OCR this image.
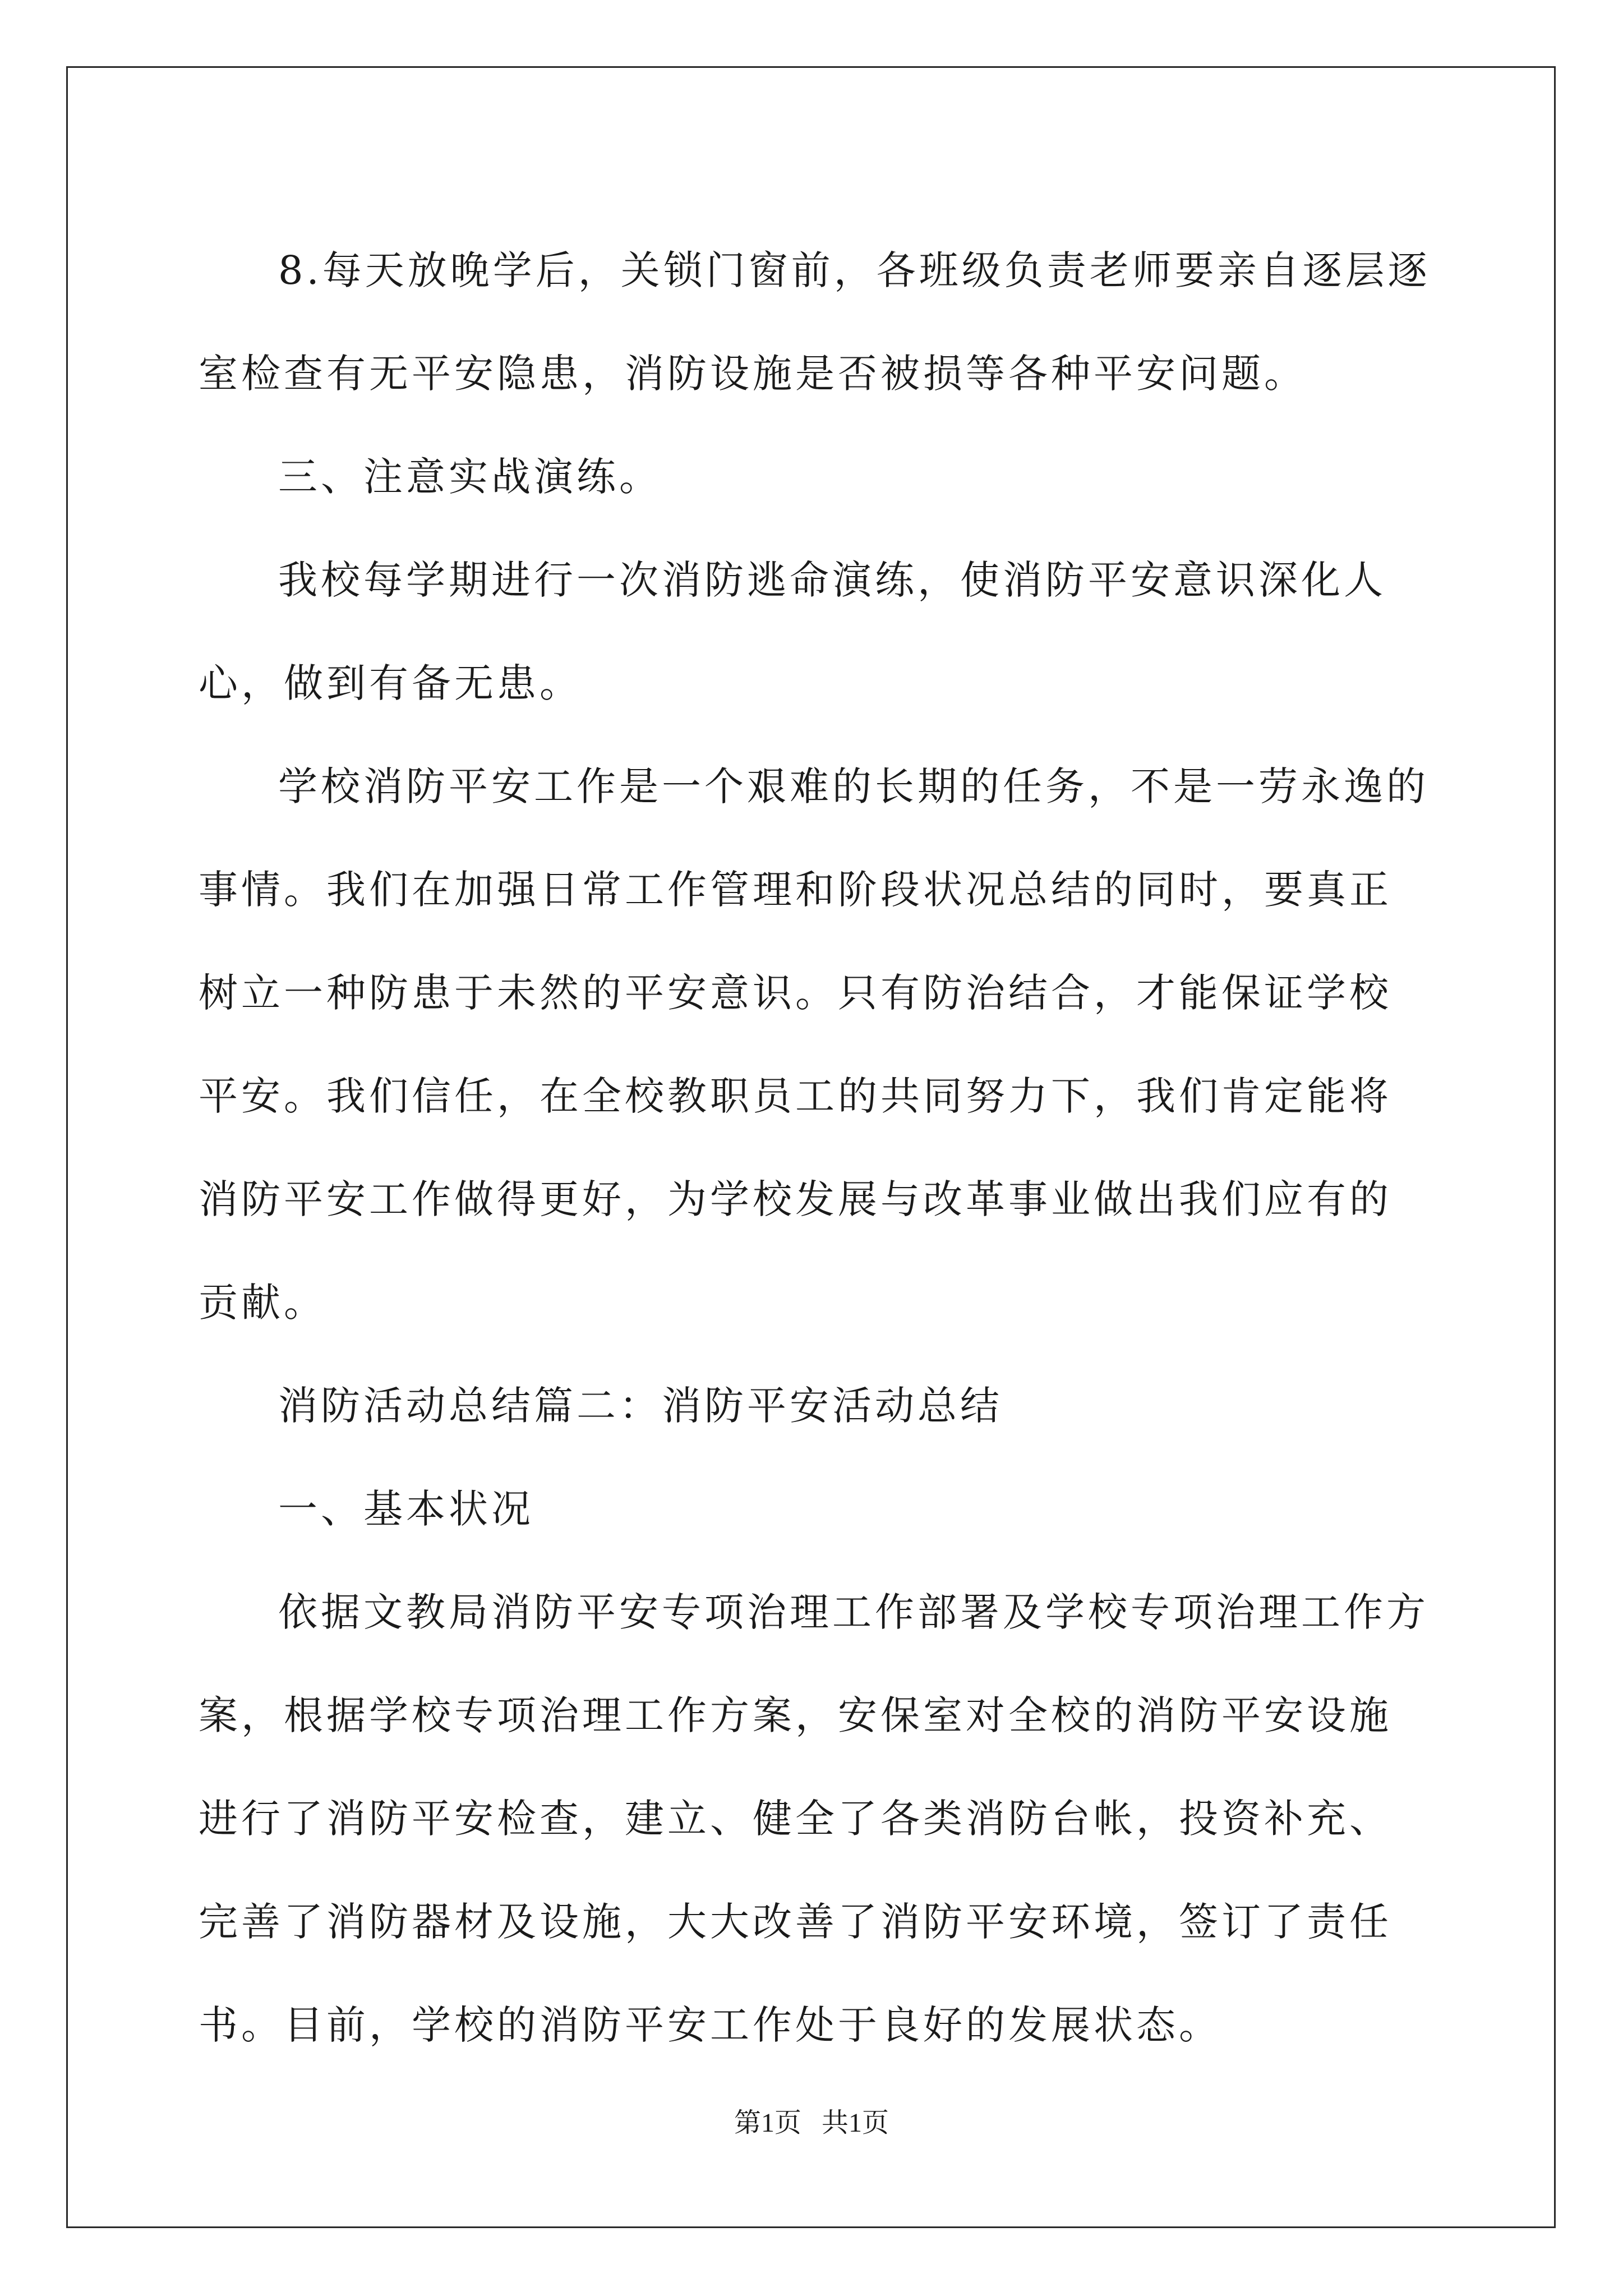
8.每天放晚学后，关锁门窗前，各班级负责老师要亲自逐层逐室检查有无平安隐患，消防设施是否被损等各种平安问题。

三、注意实战演练。

我校每学期进行一次消防逃命演练，使消防平安意识深化人心，做到有备无患。

学校消防平安工作是一个艰难的长期的任务，不是一劳永逸的事情。我们在加强日常工作管理和阶段状况总结的同时，要真正树立一种防患于未然的平安意识。只有防治结合，才能保证学校平安。我们信任，在全校教职员工的共同努力下，我们肯定能将消防平安工作做得更好，为学校发展与改革事业做出我们应有的贡献。

消防活动总结篇二：消防平安活动总结

一、基本状况

依据文教局消防平安专项治理工作部署及学校专项治理工作方案，根据学校专项治理工作方案，安保室对全校的消防平安设施进行了消防平安检查，建立、健全了各类消防台帐，投资补充、完善了消防器材及设施，大大改善了消防平安环境，签订了责任书。目前，学校的消防平安工作处于良好的发展状态。

第1页 共1页
